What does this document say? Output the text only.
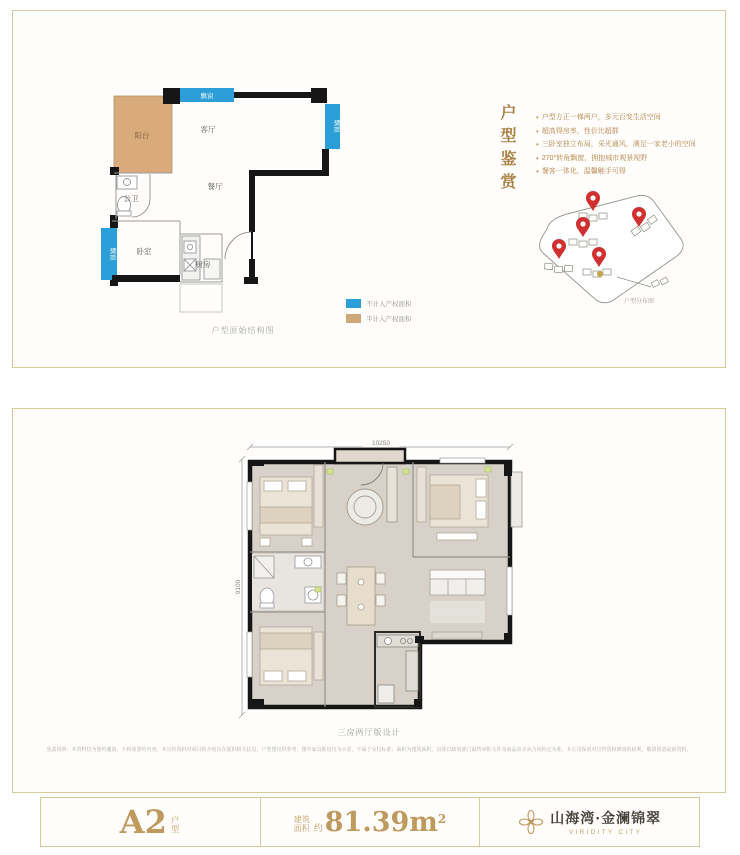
阳台
客厅
餐厅
公卫
卧室
厨房
飘窗
飘窗
飘窗
不计入产权面积
半计入产权面积
户型原始结构图
户型鉴赏 • 户型方正一梯两户，多元百变生活空间
• 超高得房率，性价比超群
• 三卧室独立布局，采光通风，满足一家老小的空间
• 270°转角飘窗，拥抱城市观景视野
• 餐客一体化，温馨触手可得
户型分布图
10250
9100
三房两厅版设计
免责说明：本资料仅为要约邀请，不构成要约内容。本宣传资料对项目的介绍旨在提供相关信息，户型图仅供参考，图中家具陈设仅为示意，不属于交付标准；面积为建筑面积，具体以政府部门最终审批文件及商品房买卖合同约定为准。本公司保留对宣传资料修改的权利，敬请留意最新资料。
A2 户型
建筑面积 约 $81.39m^2$	山海湾·金澜锦翠
VIRIDITY CITY
